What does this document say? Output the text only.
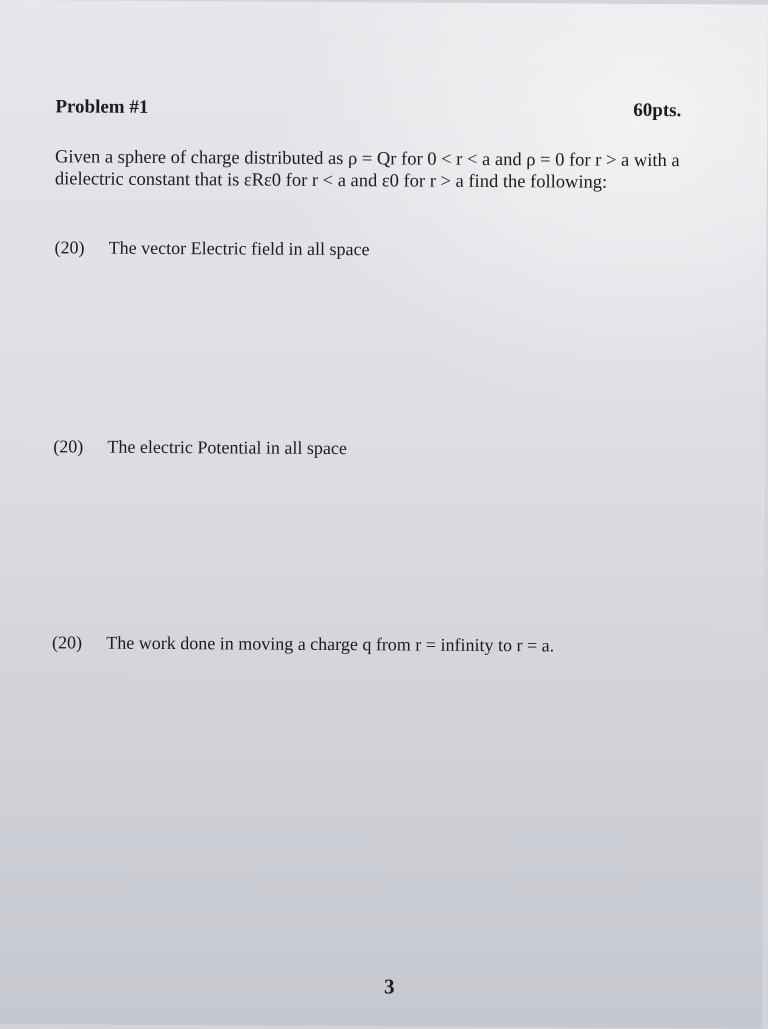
Problem #1	60pts.
Given a sphere of charge distributed as ρ = Qr for 0 < r < a and ρ = 0 for r > a with a
dielectric constant that is εRε0 for r < a and ε0 for r > a find the following:
(20) The vector Electric field in all space
(20) The electric Potential in all space
(20) The work done in moving a charge q from r = infinity to r = a.
3
